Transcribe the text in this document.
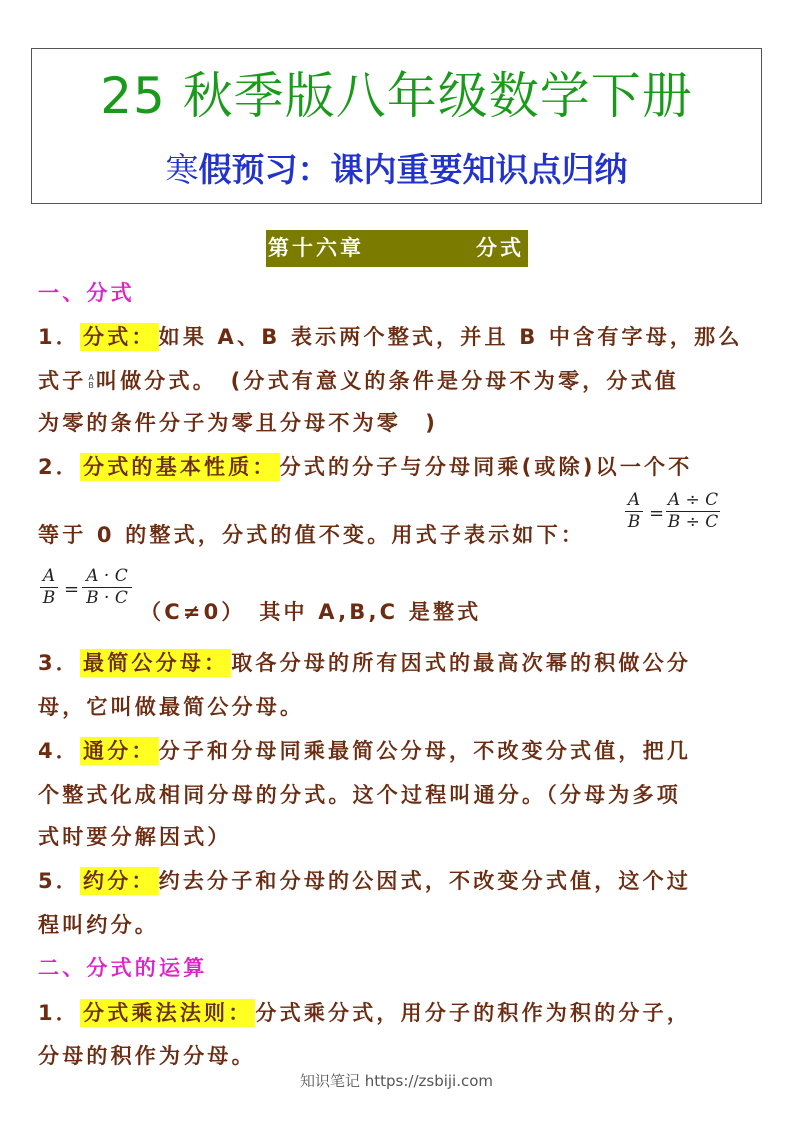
25 秋季版八年级数学下册
寒假预习：课内重要知识点归纳
第十六章	分式
一、分式
1． 分式： 如果 A、B 表示两个整式，并且 B 中含有字母，那么
式子 A
B 叫做分式。　(分式有意义的条件是分母不为零，分式值
为零的条件分子为零且分母不为零　)
2． 分式的基本性质： 分式的分子与分母同乘(或除)以一个不
等于 0 的整式，分式的值不变。用式子表示如下：
A
B =
A ÷ C
B ÷ C
A
B =
A · C
B · C
（C≠0）　其中 A,B,C 是整式
3． 最简公分母： 取各分母的所有因式的最高次幂的积做公分
母，它叫做最简公分母。
4． 通分： 分子和分母同乘最简公分母，不改变分式值，把几
个整式化成相同分母的分式。这个过程叫通分。（分母为多项
式时要分解因式）
5． 约分： 约去分子和分母的公因式，不改变分式值，这个过
程叫约分。
二、分式的运算
1． 分式乘法法则： 分式乘分式，用分子的积作为积的分子，
分母的积作为分母。
知识笔记 https://zsbiji.com
